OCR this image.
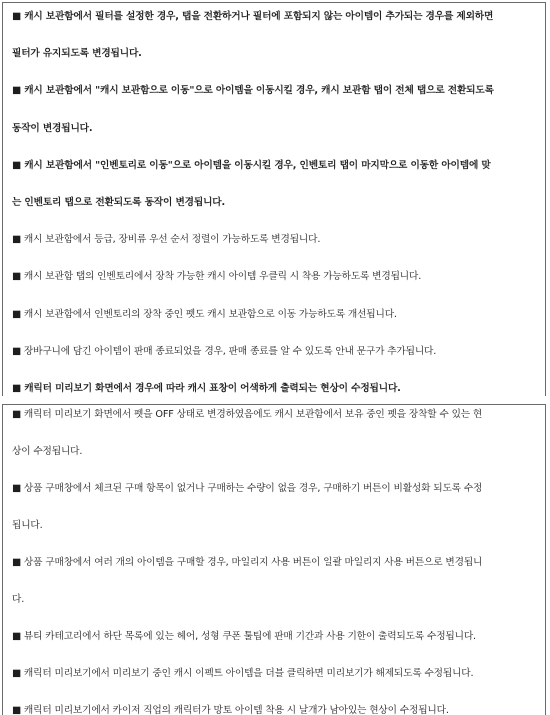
■ 캐시 보관함에서 필터를 설정한 경우, 탭을 전환하거나 필터에 포함되지 않는 아이템이 추가되는 경우를 제외하면
필터가 유지되도록 변경됩니다.
■ 캐시 보관함에서 "캐시 보관함으로 이동"으로 아이템을 이동시킬 경우, 캐시 보관함 탭이 전체 탭으로 전환되도록
동작이 변경됩니다.
■ 캐시 보관함에서 "인벤토리로 이동"으로 아이템을 이동시킬 경우, 인벤토리 탭이 마지막으로 이동한 아이템에 맞
는 인벤토리 탭으로 전환되도록 동작이 변경됩니다.
■ 캐시 보관함에서 등급, 장비류 우선 순서 정렬이 가능하도록 변경됩니다.
■ 캐시 보관함 탭의 인벤토리에서 장착 가능한 캐시 아이템 우클릭 시 착용 가능하도록 변경됩니다.
■ 캐시 보관함에서 인벤토리의 장착 중인 펫도 캐시 보관함으로 이동 가능하도록 개선됩니다.
■ 장바구니에 담긴 아이템이 판매 종료되었을 경우, 판매 종료를 알 수 있도록 안내 문구가 추가됩니다.
■ 캐릭터 미리보기 화면에서 경우에 따라 캐시 표창이 어색하게 출력되는 현상이 수정됩니다.
■ 캐릭터 미리보기 화면에서 펫을 OFF 상태로 변경하였음에도 캐시 보관함에서 보유 중인 펫을 장착할 수 있는 현
상이 수정됩니다.
■ 상품 구매창에서 체크된 구매 항목이 없거나 구매하는 수량이 없을 경우, 구매하기 버튼이 비활성화 되도록 수정
됩니다.
■ 상품 구매창에서 여러 개의 아이템을 구매할 경우, 마일리지 사용 버튼이 일괄 마일리지 사용 버튼으로 변경됩니
다.
■ 뷰티 카테고리에서 하단 목록에 있는 헤어, 성형 쿠폰 툴팁에 판매 기간과 사용 기한이 출력되도록 수정됩니다.
■ 캐릭터 미리보기에서 미리보기 중인 캐시 이펙트 아이템을 더블 클릭하면 미리보기가 해제되도록 수정됩니다.
■ 캐릭터 미리보기에서 카이저 직업의 캐릭터가 망토 아이템 착용 시 날개가 남아있는 현상이 수정됩니다.
